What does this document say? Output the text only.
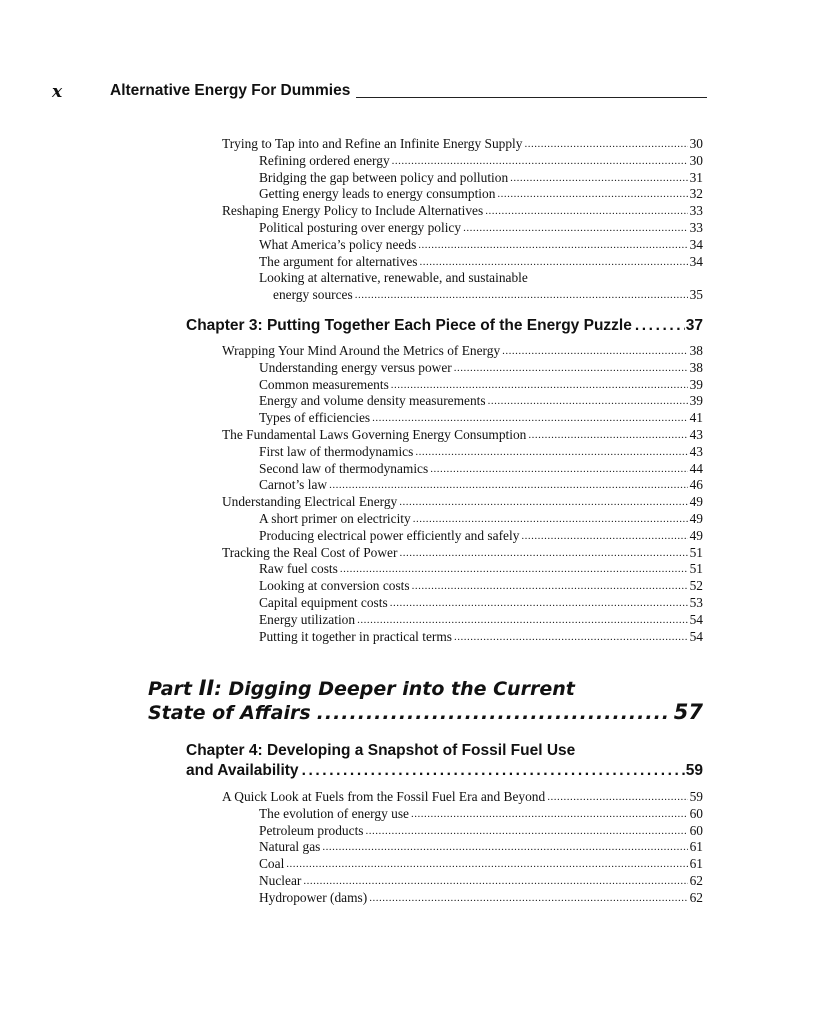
x	Alternative Energy For Dummies
Trying to Tap into and Refine an Infinite Energy Supply .....	30
Refining ordered energy .....	30
Bridging the gap between policy and pollution .....	31
Getting energy leads to energy consumption .....	32
Reshaping Energy Policy to Include Alternatives .....	33
Political posturing over energy policy .....	33
What America’s policy needs .....	34
The argument for alternatives .....	34
Looking at alternative, renewable, and sustainable
energy sources .....	35
Chapter 3: Putting Together Each Piece of the Energy Puzzle .....	37
Wrapping Your Mind Around the Metrics of Energy .....	38
Understanding energy versus power .....	38
Common measurements .....	39
Energy and volume density measurements .....	39
Types of efficiencies .....	41
The Fundamental Laws Governing Energy Consumption .....	43
First law of thermodynamics .....	43
Second law of thermodynamics .....	44
Carnot’s law .....	46
Understanding Electrical Energy .....	49
A short primer on electricity .....	49
Producing electrical power efficiently and safely .....	49
Tracking the Real Cost of Power .....	51
Raw fuel costs .....	51
Looking at conversion costs .....	52
Capital equipment costs .....	53
Energy utilization .....	54
Putting it together in practical terms .....	54
Part II: Digging Deeper into the Current
State of Affairs .....	57
Chapter 4: Developing a Snapshot of Fossil Fuel Use
and Availability .....	59
A Quick Look at Fuels from the Fossil Fuel Era and Beyond .....	59
The evolution of energy use .....	60
Petroleum products .....	60
Natural gas .....	61
Coal .....	61
Nuclear .....	62
Hydropower (dams) .....	62
